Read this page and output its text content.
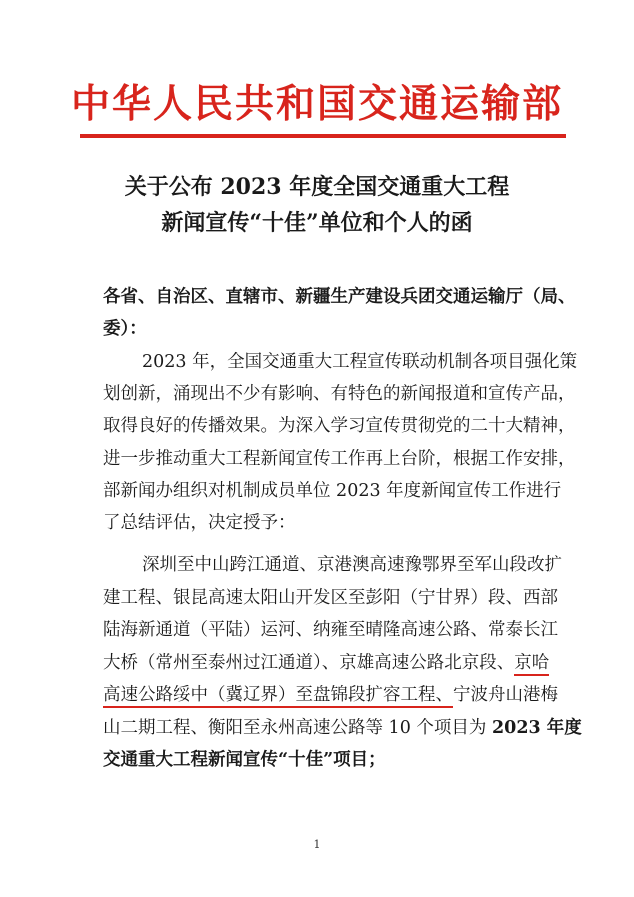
中华人民共和国交通运输部
关于公布 2023 年度全国交通重大工程
新闻宣传“十佳”单位和个人的函
各省、自治区、直辖市、新疆生产建设兵团交通运输厅（局、
委）：
2023 年，全国交通重大工程宣传联动机制各项目强化策
划创新，涌现出不少有影响、有特色的新闻报道和宣传产品，
取得良好的传播效果。为深入学习宣传贯彻党的二十大精神，
进一步推动重大工程新闻宣传工作再上台阶，根据工作安排，
部新闻办组织对机制成员单位 2023 年度新闻宣传工作进行
了总结评估，决定授予：
深圳至中山跨江通道、京港澳高速豫鄂界至军山段改扩
建工程、银昆高速太阳山开发区至彭阳（宁甘界）段、西部
陆海新通道（平陆）运河、纳雍至晴隆高速公路、常泰长江
大桥（常州至泰州过江通道）、京雄高速公路北京段、京哈
高速公路绥中（冀辽界）至盘锦段扩容工程、宁波舟山港梅
山二期工程、衡阳至永州高速公路等 10 个项目为 2023 年度
交通重大工程新闻宣传“十佳”项目；
1
